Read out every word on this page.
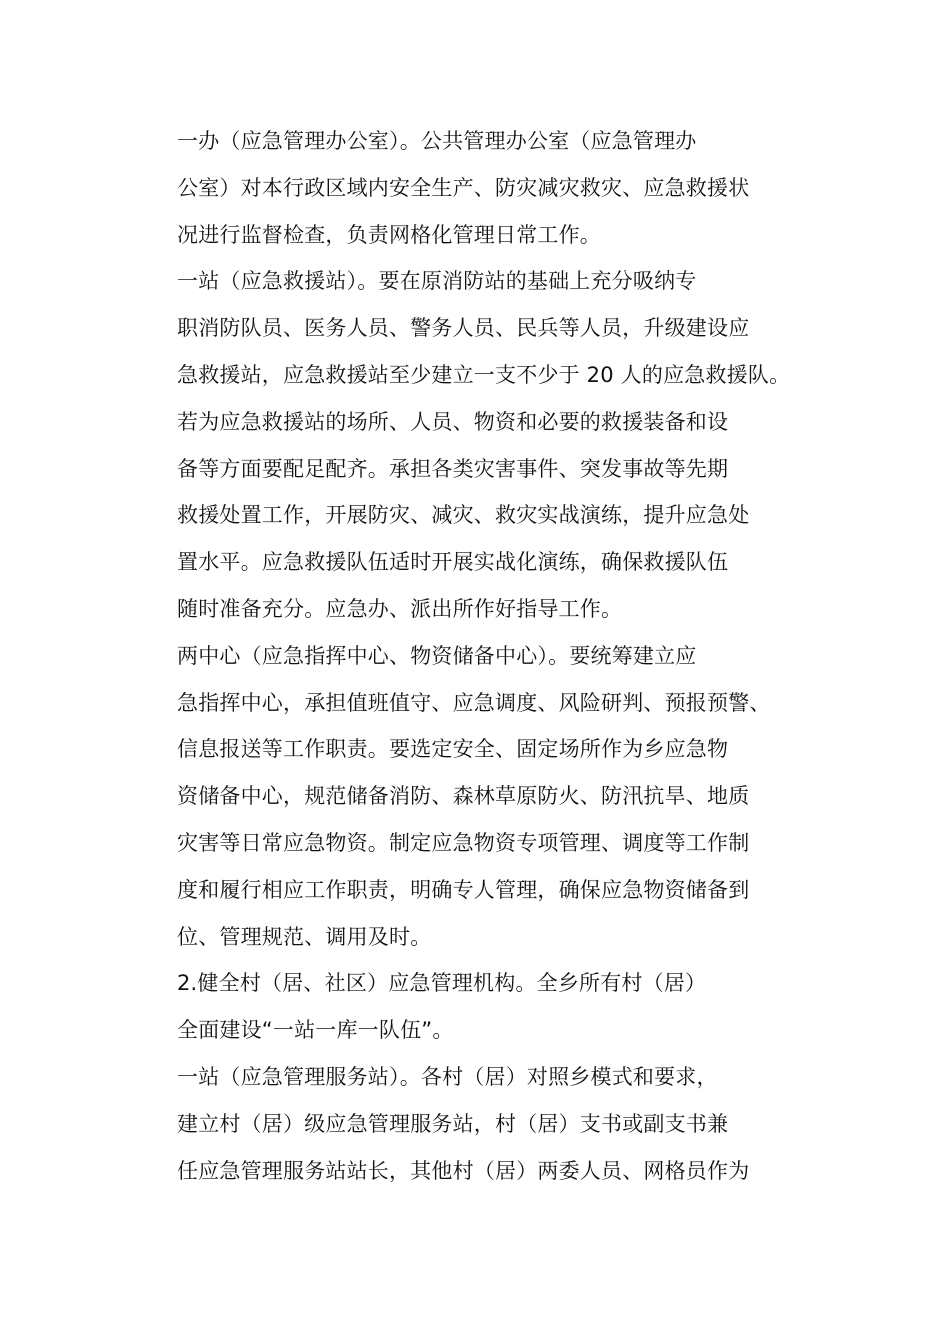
一办（应急管理办公室）。公共管理办公室（应急管理办
公室）对本行政区域内安全生产、防灾减灾救灾、应急救援状
况进行监督检查，负责网格化管理日常工作。
一站（应急救援站）。要在原消防站的基础上充分吸纳专
职消防队员、医务人员、警务人员、民兵等人员，升级建设应
急救援站，应急救援站至少建立一支不少于 20 人的应急救援队。
若为应急救援站的场所、人员、物资和必要的救援装备和设
备等方面要配足配齐。承担各类灾害事件、突发事故等先期
救援处置工作，开展防灾、减灾、救灾实战演练，提升应急处
置水平。应急救援队伍适时开展实战化演练，确保救援队伍
随时准备充分。应急办、派出所作好指导工作。
两中心（应急指挥中心、物资储备中心）。要统筹建立应
急指挥中心，承担值班值守、应急调度、风险研判、预报预警、
信息报送等工作职责。要选定安全、固定场所作为乡应急物
资储备中心，规范储备消防、森林草原防火、防汛抗旱、地质
灾害等日常应急物资。制定应急物资专项管理、调度等工作制
度和履行相应工作职责，明确专人管理，确保应急物资储备到
位、管理规范、调用及时。
2.健全村（居、社区）应急管理机构。全乡所有村（居）
全面建设“一站一库一队伍”。
一站（应急管理服务站）。各村（居）对照乡模式和要求，
建立村（居）级应急管理服务站，村（居）支书或副支书兼
任应急管理服务站站长，其他村（居）两委人员、网格员作为
